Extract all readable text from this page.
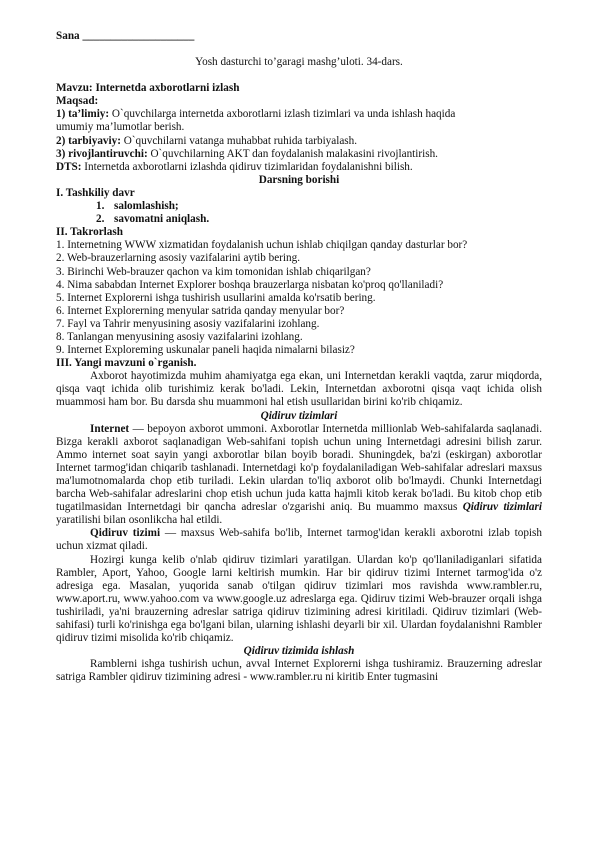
Sana ____________________
Yosh dasturchi to’garagi mashg’uloti. 34-dars.
Mavzu: Internetda axborotlarni izlash
Maqsad:
1) ta’limiy: O`quvchilarga internetda axborotlarni izlash tizimlari va unda ishlash haqida
umumiy ma’lumotlar berish.
2) tarbiyaviy: O`quvchilarni vatanga muhabbat ruhida tarbiyalash.
3) rivojlantiruvchi: O`quvchilarning AKT dan foydalanish malakasini rivojlantirish.
DTS: Internetda axborotlarni izlashda qidiruv tizimlaridan foydalanishni bilish.
Darsning borishi
I. Tashkiliy davr
1. salomlashish;
2. savomatni aniqlash.
II. Takrorlash
1. Internetning WWW xizmatidan foydalanish uchun ishlab chiqilgan qanday dasturlar bor?
2. Web-brauzerlarning asosiy vazifalarini aytib bering.
3. Birinchi Web-brauzer qachon va kim tomonidan ishlab chiqarilgan?
4. Nima sababdan Internet Explorer boshqa brauzerlarga nisbatan ko'proq qo'llaniladi?
5. Internet Explorerni ishga tushirish usullarini amalda ko'rsatib bering.
6. Internet Explorerning menyular satrida qanday menyular bor?
7. Fayl va Tahrir menyusining asosiy vazifalarini izohlang.
8. Tanlangan menyusining asosiy vazifalarini izohlang.
9. Internet Exploreming uskunalar paneli haqida nimalarni bilasiz?
III. Yangi mavzuni o`rganish.
Axborot hayotimizda muhim ahamiyatga ega ekan, uni Internetdan kerakli vaqtda, zarur miqdorda, qisqa vaqt ichida olib turishimiz kerak bo'ladi. Lekin, Internetdan axborotni qisqa vaqt ichida olish muammosi ham bor. Bu darsda shu muammoni hal etish usullaridan birini ko'rib chiqamiz.
Qidiruv tizimlari
Internet — bepoyon axborot ummoni. Axborotlar Internetda millionlab Web-sahifalarda saqlanadi. Bizga kerakli axborot saqlanadigan Web-sahifani topish uchun uning Internetdagi adresini bilish zarur. Ammo internet soat sayin yangi axborotlar bilan boyib boradi. Shuningdek, ba'zi (eskirgan) axborotlar Internet tarmog'idan chiqarib tashlanadi. Internetdagi ko'p foydalaniladigan Web-sahifalar adreslari maxsus ma'lumotnomalarda chop etib turiladi. Lekin ulardan to'liq axborot olib bo'lmaydi. Chunki Internetdagi barcha Web-sahifalar adreslarini chop etish uchun juda katta hajmli kitob kerak bo'ladi. Bu kitob chop etib tugatilmasidan Internetdagi bir qancha adreslar o'zgarishi aniq. Bu muammo maxsus Qidiruv tizimlari yaratilishi bilan osonlikcha hal etildi.
Qidiruv tizimi — maxsus Web-sahifa bo'lib, Internet tarmog'idan kerakli axborotni izlab topish uchun xizmat qiladi.
Hozirgi kunga kelib o'nlab qidiruv tizimlari yaratilgan. Ulardan ko'p qo'llaniladiganlari sifatida Rambler, Aport, Yahoo, Google larni keltirish mumkin. Har bir qidiruv tizimi Internet tarmog'ida o'z adresiga ega. Masalan, yuqorida sanab o'tilgan qidiruv tizimlari mos ravishda www.rambler.ru, www.aport.ru, www.yahoo.com va www.google.uz adreslarga ega. Qidiruv tizimi Web-brauzer orqali ishga tushiriladi, ya'ni brauzerning adreslar satriga qidiruv tizimining adresi kiritiladi. Qidiruv tizimlari (Web-sahifasi) turli ko'rinishga ega bo'lgani bilan, ularning ishlashi deyarli bir xil. Ulardan foydalanishni Rambler qidiruv tizimi misolida ko'rib chiqamiz.
Qidiruv tizimida ishlash
Ramblerni ishga tushirish uchun, avval Internet Explorerni ishga tushiramiz. Brauzerning adreslar satriga Rambler qidiruv tizimining adresi - www.rambler.ru ni kiritib Enter tugmasini
